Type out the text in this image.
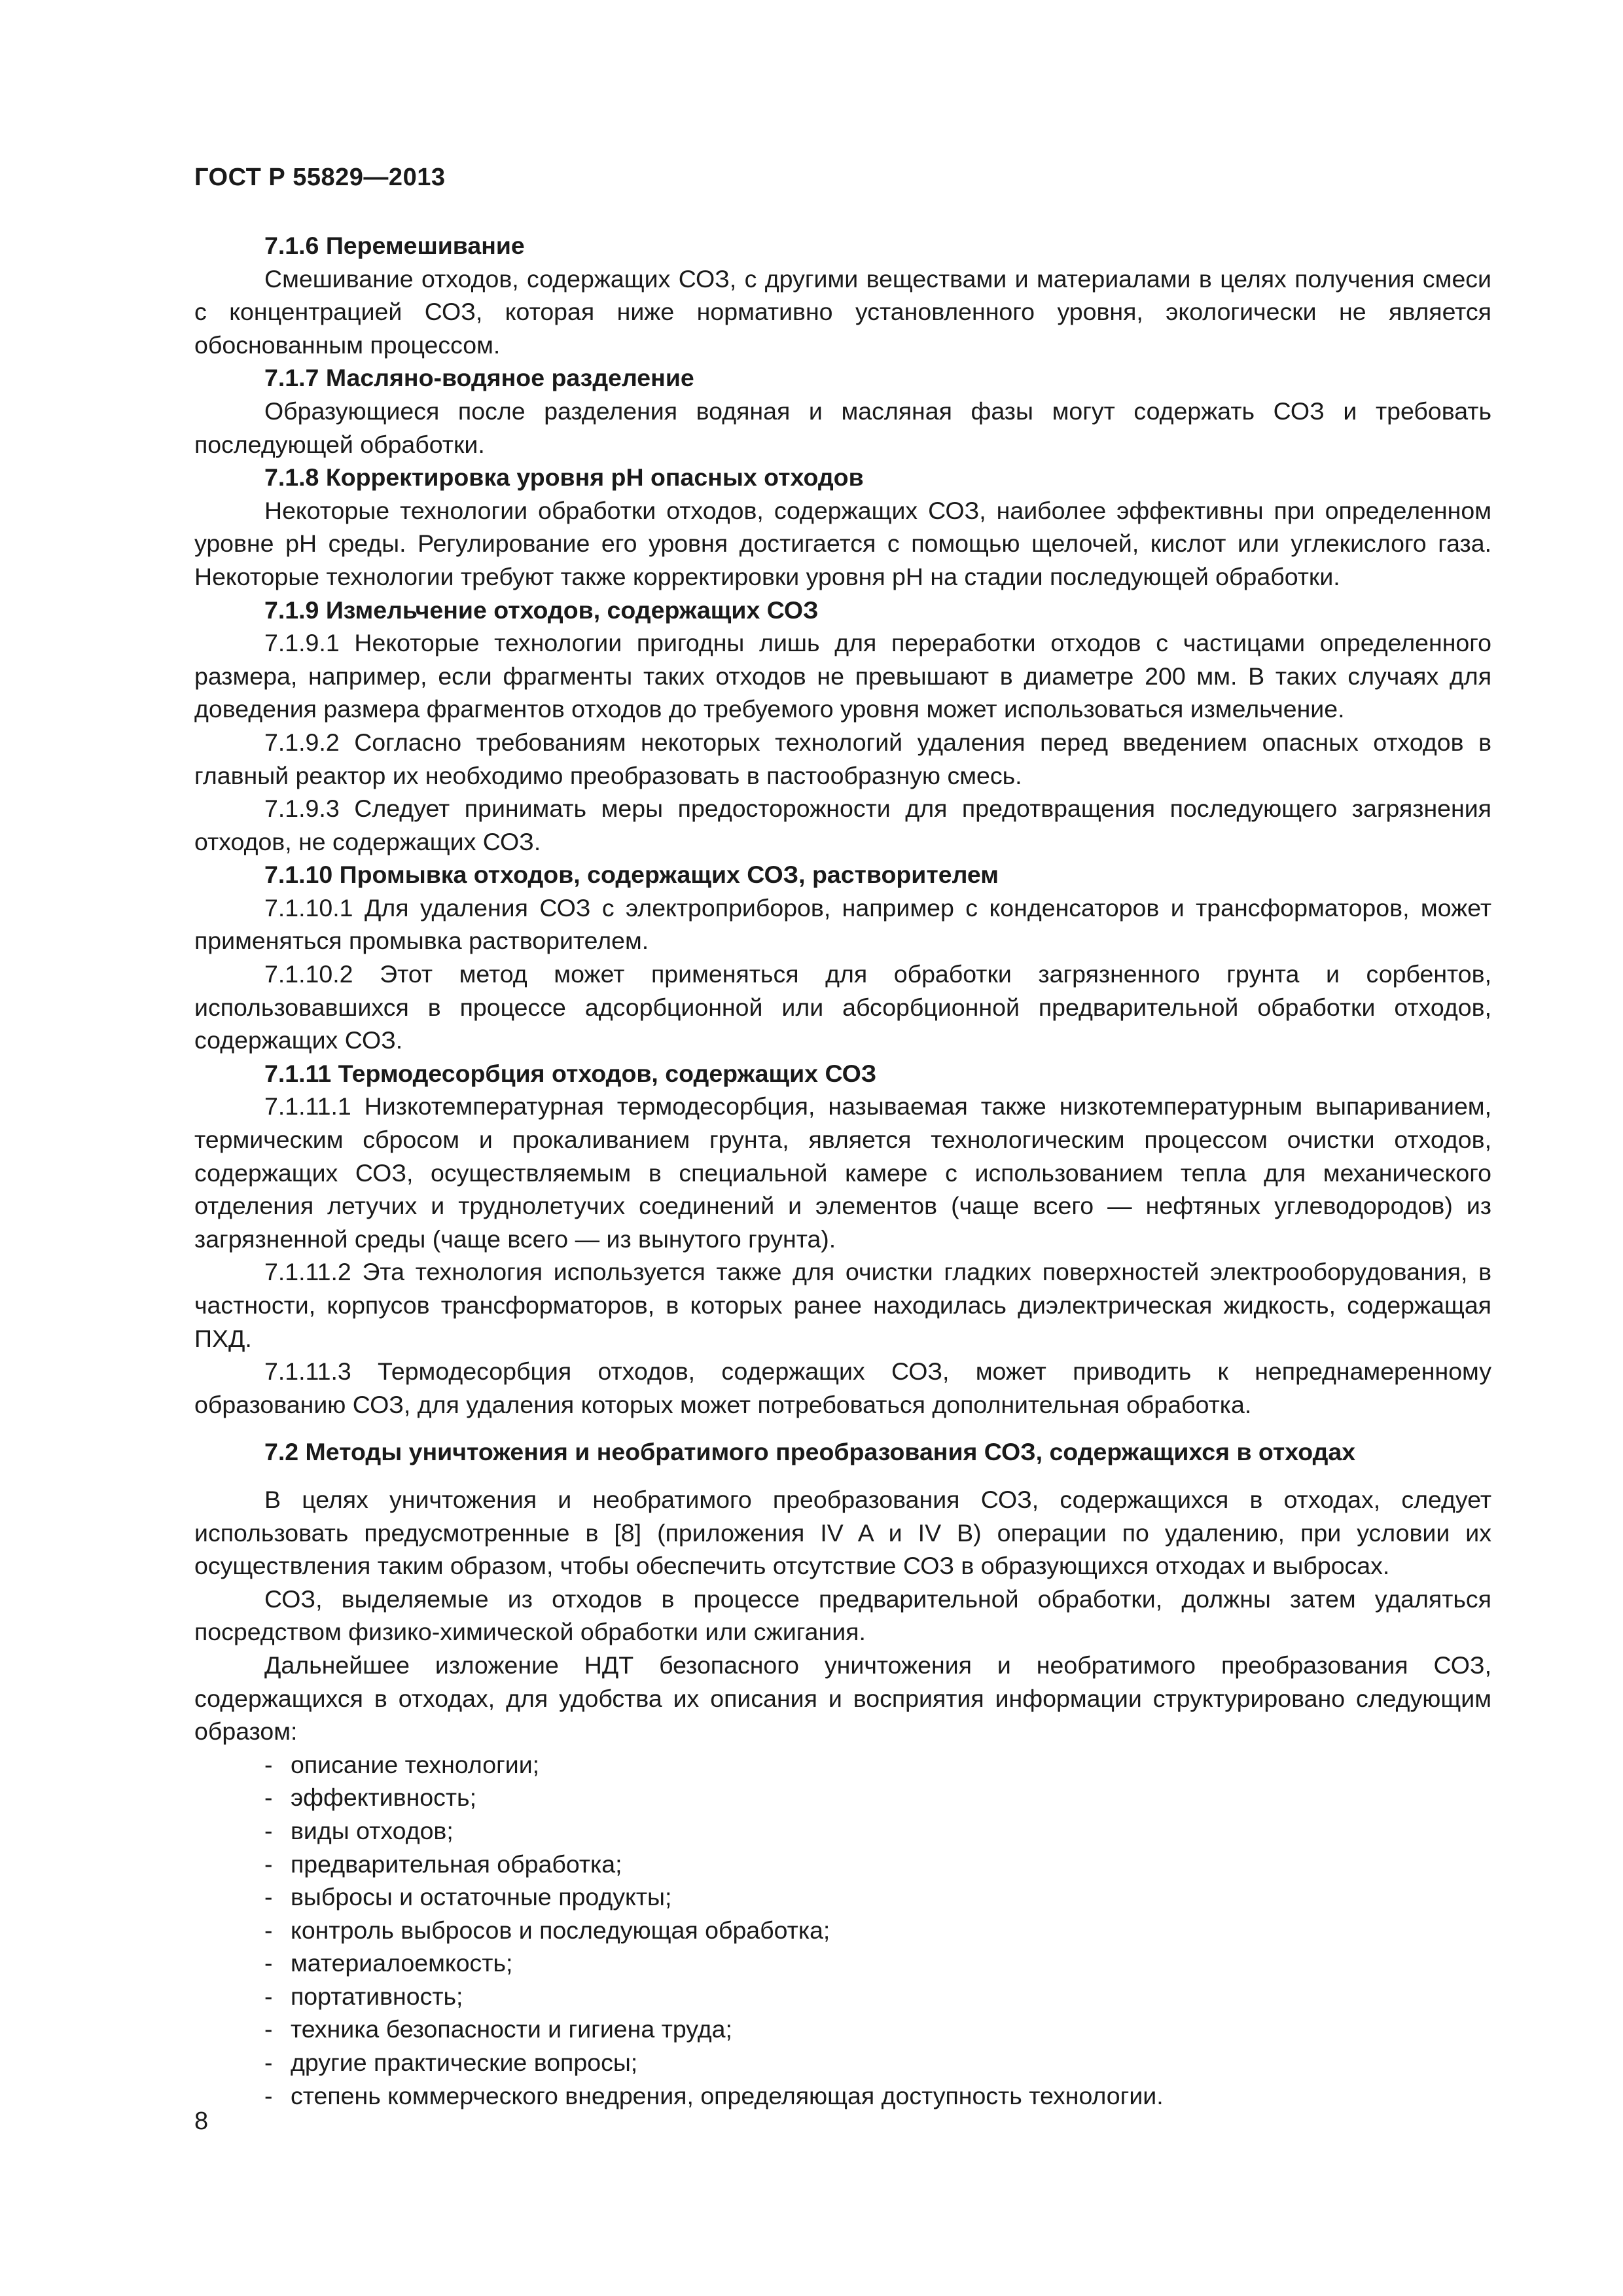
ГОСТ Р 55829—2013

7.1.6 Перемешивание

Смешивание отходов, содержащих СОЗ, с другими веществами и материалами в целях получения смеси с концентрацией СОЗ, которая ниже нормативно установленного уровня, экологически не является обоснованным процессом.

7.1.7 Масляно-водяное разделение

Образующиеся после разделения водяная и масляная фазы могут содержать СОЗ и требовать последующей обработки.

7.1.8 Корректировка уровня pH опасных отходов

Некоторые технологии обработки отходов, содержащих СОЗ, наиболее эффективны при определенном уровне pH среды. Регулирование его уровня достигается с помощью щелочей, кислот или углекислого газа. Некоторые технологии требуют также корректировки уровня pH на стадии последующей обработки.

7.1.9 Измельчение отходов, содержащих СОЗ

7.1.9.1 Некоторые технологии пригодны лишь для переработки отходов с частицами определенного размера, например, если фрагменты таких отходов не превышают в диаметре 200 мм. В таких случаях для доведения размера фрагментов отходов до требуемого уровня может использоваться измельчение.

7.1.9.2 Согласно требованиям некоторых технологий удаления перед введением опасных отходов в главный реактор их необходимо преобразовать в пастообразную смесь.

7.1.9.3 Следует принимать меры предосторожности для предотвращения последующего загрязнения отходов, не содержащих СОЗ.

7.1.10 Промывка отходов, содержащих СОЗ, растворителем

7.1.10.1 Для удаления СОЗ с электроприборов, например с конденсаторов и трансформаторов, может применяться промывка растворителем.

7.1.10.2 Этот метод может применяться для обработки загрязненного грунта и сорбентов, использовавшихся в процессе адсорбционной или абсорбционной предварительной обработки отходов, содержащих СОЗ.

7.1.11 Термодесорбция отходов, содержащих СОЗ

7.1.11.1 Низкотемпературная термодесорбция, называемая также низкотемпературным выпариванием, термическим сбросом и прокаливанием грунта, является технологическим процессом очистки отходов, содержащих СОЗ, осуществляемым в специальной камере с использованием тепла для механического отделения летучих и труднолетучих соединений и элементов (чаще всего — нефтяных углеводородов) из загрязненной среды (чаще всего — из вынутого грунта).

7.1.11.2 Эта технология используется также для очистки гладких поверхностей электрооборудования, в частности, корпусов трансформаторов, в которых ранее находилась диэлектрическая жидкость, содержащая ПХД.

7.1.11.3 Термодесорбция отходов, содержащих СОЗ, может приводить к непреднамеренному образованию СОЗ, для удаления которых может потребоваться дополнительная обработка.

7.2 Методы уничтожения и необратимого преобразования СОЗ, содержащихся в отходах

В целях уничтожения и необратимого преобразования СОЗ, содержащихся в отходах, следует использовать предусмотренные в [8] (приложения IV A и IV B) операции по удалению, при условии их осуществления таким образом, чтобы обеспечить отсутствие СОЗ в образующихся отходах и выбросах.

СОЗ, выделяемые из отходов в процессе предварительной обработки, должны затем удаляться посредством физико-химической обработки или сжигания.

Дальнейшее изложение НДТ безопасного уничтожения и необратимого преобразования СОЗ, содержащихся в отходах, для удобства их описания и восприятия информации структурировано следующим образом:

- описание технологии;
- эффективность;
- виды отходов;
- предварительная обработка;
- выбросы и остаточные продукты;
- контроль выбросов и последующая обработка;
- материалоемкость;
- портативность;
- техника безопасности и гигиена труда;
- другие практические вопросы;
- степень коммерческого внедрения, определяющая доступность технологии.
8
